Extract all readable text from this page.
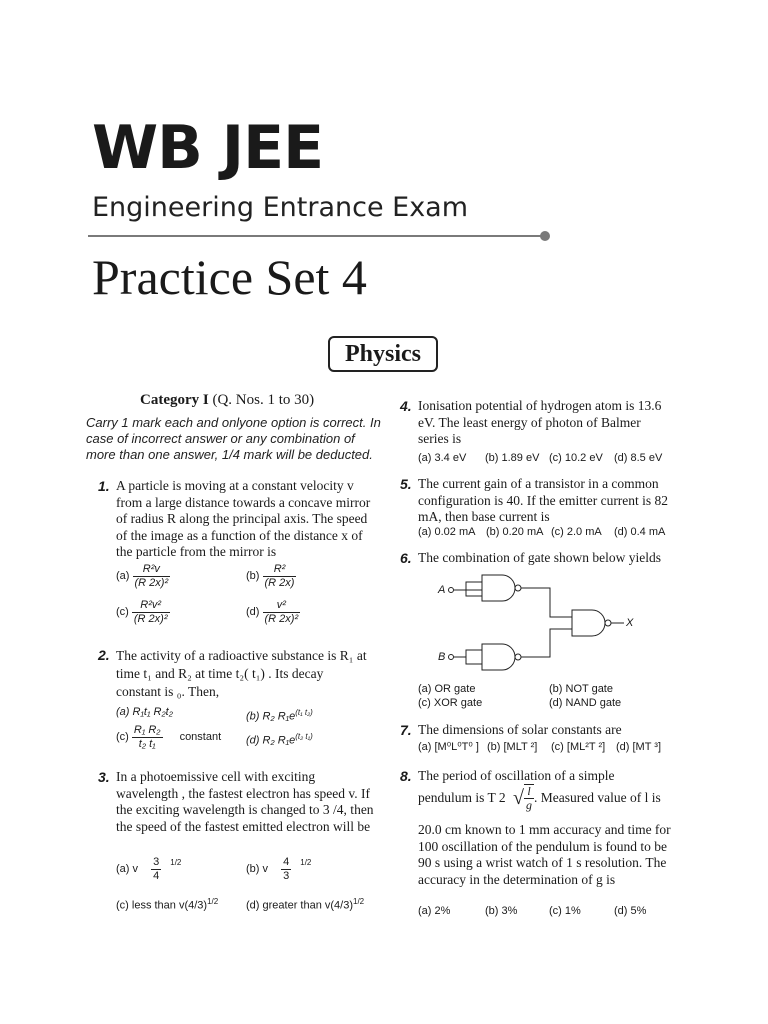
WB JEE
Engineering Entrance Exam
Practice Set 4
Physics
Category I (Q. Nos. 1 to 30)
Carry 1 mark each and onlyone option is correct. In case of incorrect answer or any combination of more than one answer, 1/4 mark will be deducted.
1. A particle is moving at a constant velocity v from a large distance towards a concave mirror of radius R along the principal axis. The speed of the image as a function of the distance x of the particle from the mirror is
$(a) \frac{\text{R²v}}{\text{(R 2x)²}}$	$(b) \frac{\text{R²}}{(R 2x)}$
$(c) \frac{\text{R²v²}}{\text{(R 2x)²}}$	$(d) \frac{\text{v²}}{\text{(R 2x)²}}$
2. The activity of a radioactive substance is R₁ at
time t₁ and R₂ at time t₂( t₁) . Its decay
constant is ₀. Then,
(a) R₁t₁ R₂t₂	(b) R₂ $R_1e^{(t_1 t_2)}$
$(c) \frac{\text{R₁ R₂}}{\text{t₂ t₁}}$ constant (d) R₂ $R_1e^{(t_2 t_1)}$
3. In a photoemissive cell with exciting wavelength , the fastest electron has speed v. If the exciting wavelength is changed to 3 /4, then the speed of the fastest emitted electron will be
(a) v $\frac{3}{4} ^{1/2}$
(b) v $\frac{4}{3} ^{1/2}$
(c) less than $v(4/3)^{1/2}$	(d) greater than $v(4/3)^{1/2}$
4. Ionisation potential of hydrogen atom is 13.6 eV. The least energy of photon of Balmer series is
(a) 3.4 eV (b) 1.89 eV (c) 10.2 eV (d) 8.5 eV
5. The current gain of a transistor in a common configuration is 40. If the emitter current is 82 mA, then base current is
(a) 0.02 mA (b) 0.20 mA (c) 2.0 mA (d) 0.4 mA
6. The combination of gate shown below yields
A
B
X
(a) OR gate	(b) NOT gate
(c) XOR gate	(d) NAND gate
7. The dimensions of solar constants are
(a) [M⁰L⁰T⁰ ] (b) [MLT ²] (c) [ML²T ²] (d) [MT ³]
8. The period of oscillation of a simple
pendulum is T 2 √ $\frac{l}{g}$ . Measured value of l is
20.0 cm known to 1 mm accuracy and time for 100 oscillation of the pendulum is found to be 90 s using a wrist watch of 1 s resolution. The accuracy in the determination of g is
(a) 2%	(b) 3%	(c) 1%	(d) 5%
